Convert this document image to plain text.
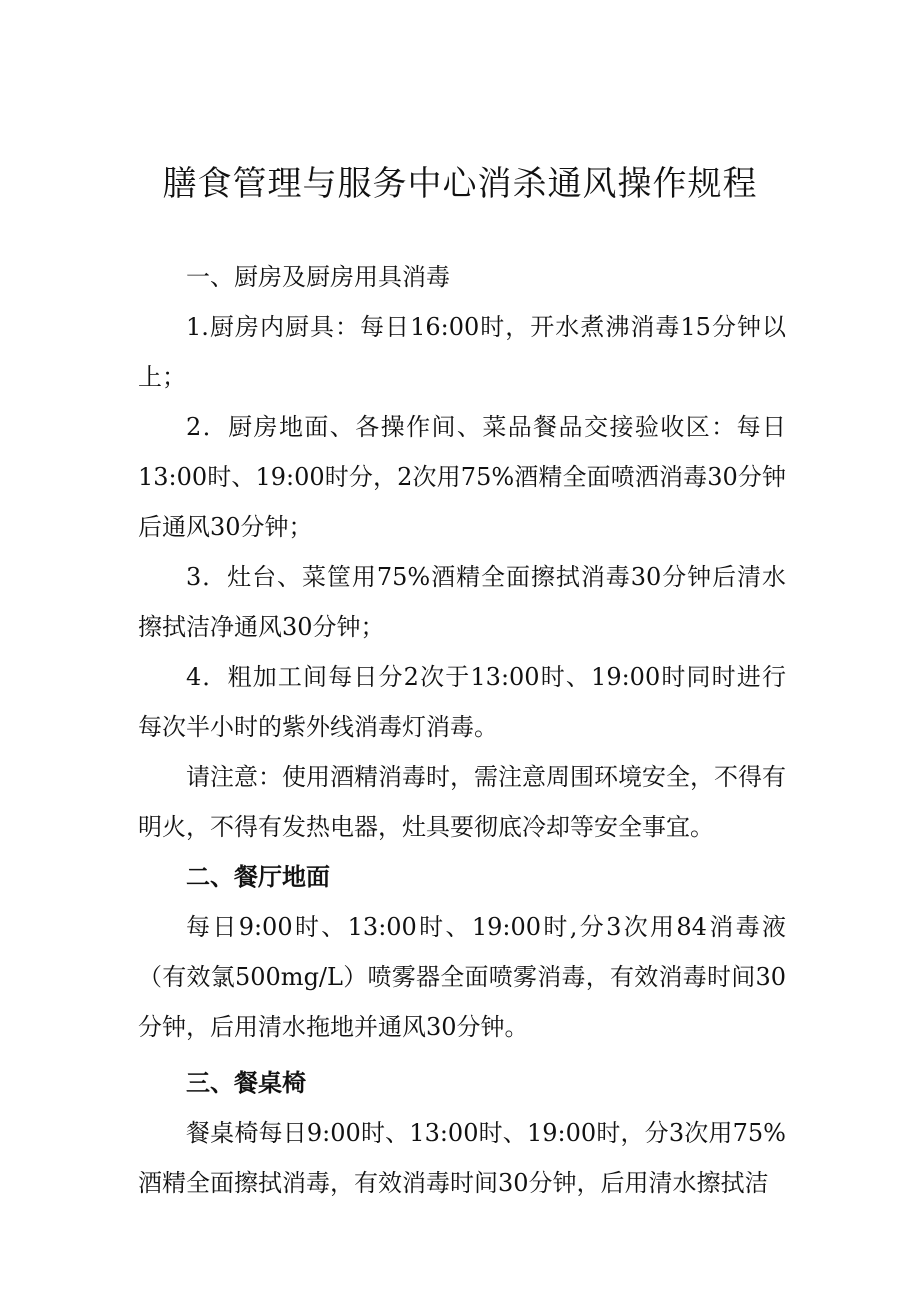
膳食管理与服务中心消杀通风操作规程
一、厨房及厨房用具消毒

1.厨房内厨具：每日16:00时，开水煮沸消毒15分钟以上；

2．厨房地面、各操作间、菜品餐品交接验收区：每日13:00时、19:00时分，2次用75%酒精全面喷洒消毒30分钟后通风30分钟；

3．灶台、菜筐用75%酒精全面擦拭消毒30分钟后清水擦拭洁净通风30分钟；

4．粗加工间每日分2次于13:00时、19:00时同时进行每次半小时的紫外线消毒灯消毒。

请注意：使用酒精消毒时，需注意周围环境安全，不得有明火，不得有发热电器，灶具要彻底冷却等安全事宜。

二、餐厅地面

每日9:00时、13:00时、19:00时,分3次用84消毒液（有效氯500mg/L）喷雾器全面喷雾消毒，有效消毒时间30分钟，后用清水拖地并通风30分钟。

三、餐桌椅

餐桌椅每日9:00时、13:00时、19:00时，分3次用75%酒精全面擦拭消毒，有效消毒时间30分钟，后用清水擦拭洁
